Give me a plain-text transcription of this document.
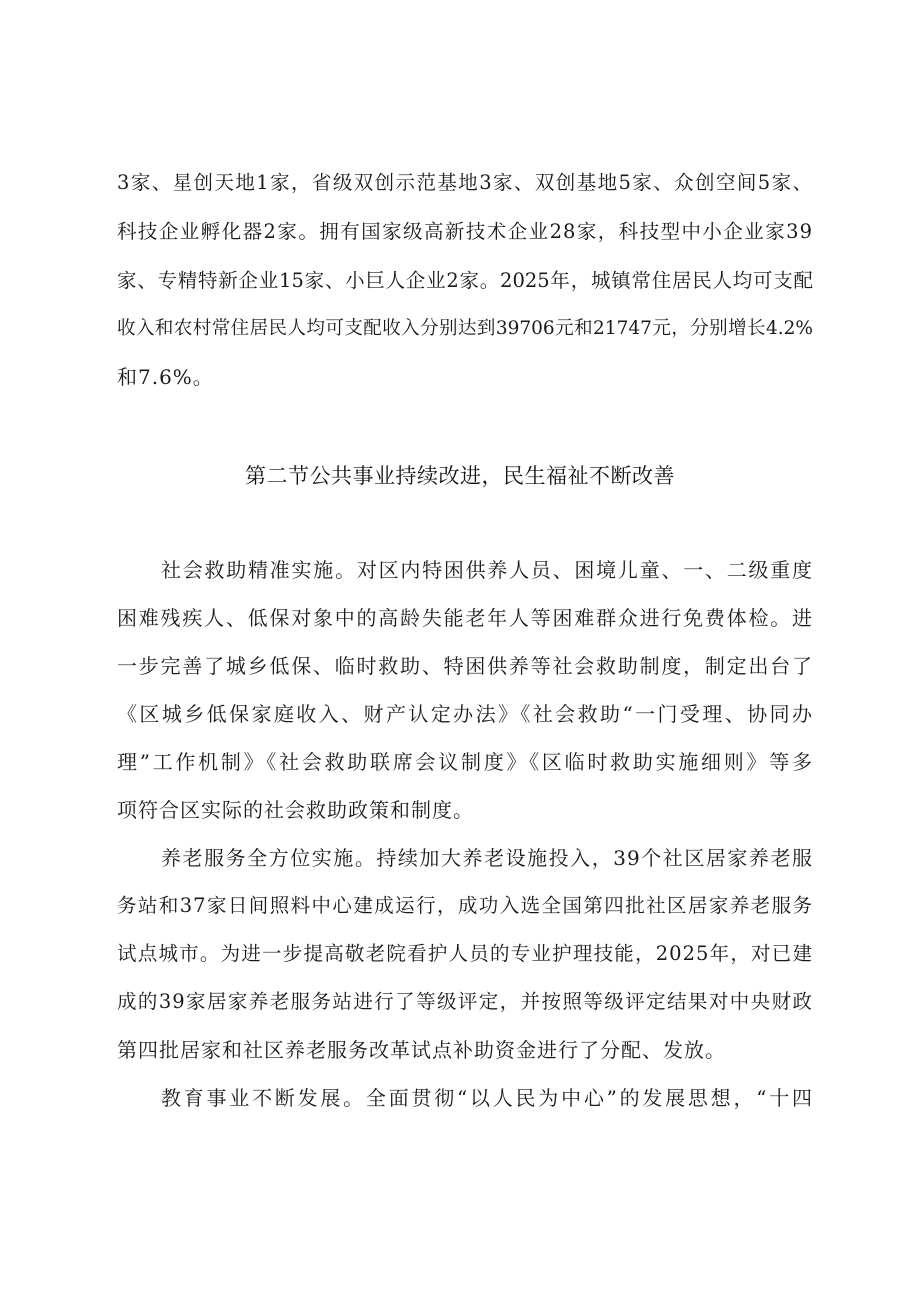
3家、星创天地1家，省级双创示范基地3家、双创基地5家、众创空间5家、
科技企业孵化器2家。拥有国家级高新技术企业28家，科技型中小企业家39
家、专精特新企业15家、小巨人企业2家。2025年，城镇常住居民人均可支配
收入和农村常住居民人均可支配收入分别达到39706元和21747元，分别增长4.2%
和7.6%。
第二节公共事业持续改进，民生福祉不断改善
社会救助精准实施。对区内特困供养人员、困境儿童、一、二级重度
困难残疾人、低保对象中的高龄失能老年人等困难群众进行免费体检。进
一步完善了城乡低保、临时救助、特困供养等社会救助制度，制定出台了
《区城乡低保家庭收入、财产认定办法》《社会救助“一门受理、协同办
理”工作机制》《社会救助联席会议制度》《区临时救助实施细则》等多
项符合区实际的社会救助政策和制度。
养老服务全方位实施。持续加大养老设施投入，39个社区居家养老服
务站和37家日间照料中心建成运行，成功入选全国第四批社区居家养老服务
试点城市。为进一步提高敬老院看护人员的专业护理技能，2025年，对已建
成的39家居家养老服务站进行了等级评定，并按照等级评定结果对中央财政
第四批居家和社区养老服务改革试点补助资金进行了分配、发放。
教育事业不断发展。全面贯彻“以人民为中心”的发展思想，“十四
